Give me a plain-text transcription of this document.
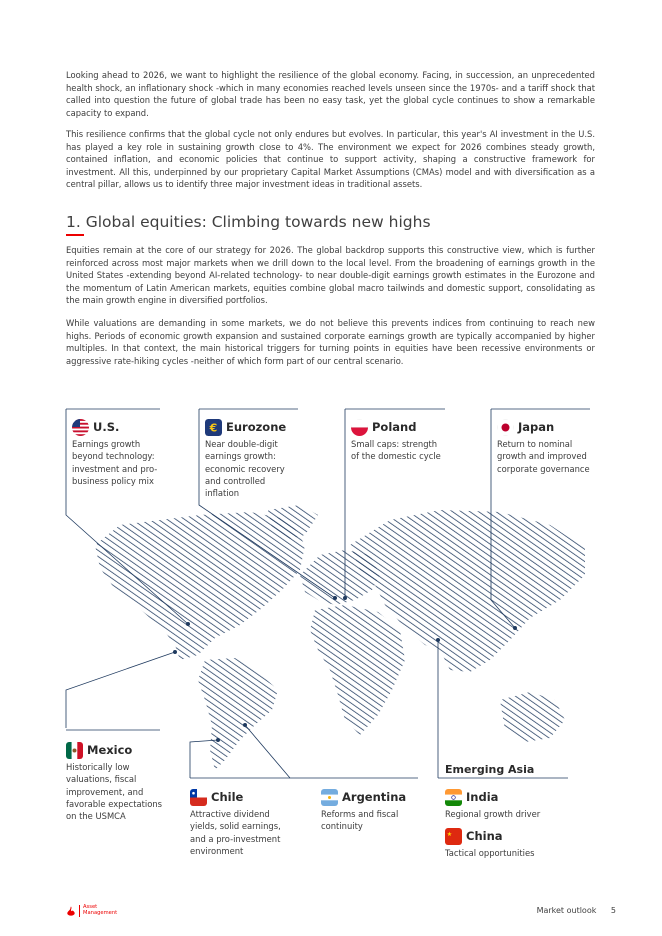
Looking ahead to 2026, we want to highlight the resilience of the global economy. Facing, in succession, an unprecedented health shock, an inflationary shock -which in many economies reached levels unseen since the 1970s- and a tariff shock that called into question the future of global trade has been no easy task, yet the global cycle continues to show a remarkable capacity to expand.

This resilience confirms that the global cycle not only endures but evolves. In particular, this year's AI investment in the U.S. has played a key role in sustaining growth close to 4%. The environment we expect for 2026 combines steady growth, contained inflation, and economic policies that continue to support activity, shaping a constructive framework for investment. All this, underpinned by our proprietary Capital Market Assumptions (CMAs) model and with diversification as a central pillar, allows us to identify three major investment ideas in traditional assets.

1. Global equities: Climbing towards new highs

Equities remain at the core of our strategy for 2026. The global backdrop supports this constructive view, which is further reinforced across most major markets when we drill down to the local level. From the broadening of earnings growth in the United States -extending beyond AI-related technology- to near double-digit earnings growth estimates in the Eurozone and the momentum of Latin American markets, equities combine global macro tailwinds and domestic support, consolidating as the main growth engine in diversified portfolios.

While valuations are demanding in some markets, we do not believe this prevents indices from continuing to reach new highs. Periods of economic growth expansion and sustained corporate earnings growth are typically accompanied by higher multiples. In that context, the main historical triggers for turning points in equities have been recessive environments or aggressive rate-hiking cycles -neither of which form part of our central scenario.

U.S.
Earnings growth beyond technology: investment and pro-business policy mix
€ Eurozone
Near double-digit earnings growth: economic recovery and controlled inflation
Poland
Small caps: strength of the domestic cycle
Japan
Return to nominal growth and improved corporate governance
Mexico
Historically low valuations, fiscal improvement, and favorable expectations on the USMCA
Chile
Attractive dividend yields, solid earnings, and a pro-investment environment
Argentina
Reforms and fiscal continuity
Emerging Asia
India
Regional growth driver
★ China
Tactical opportunities
Asset
Management	Market outlook 5
